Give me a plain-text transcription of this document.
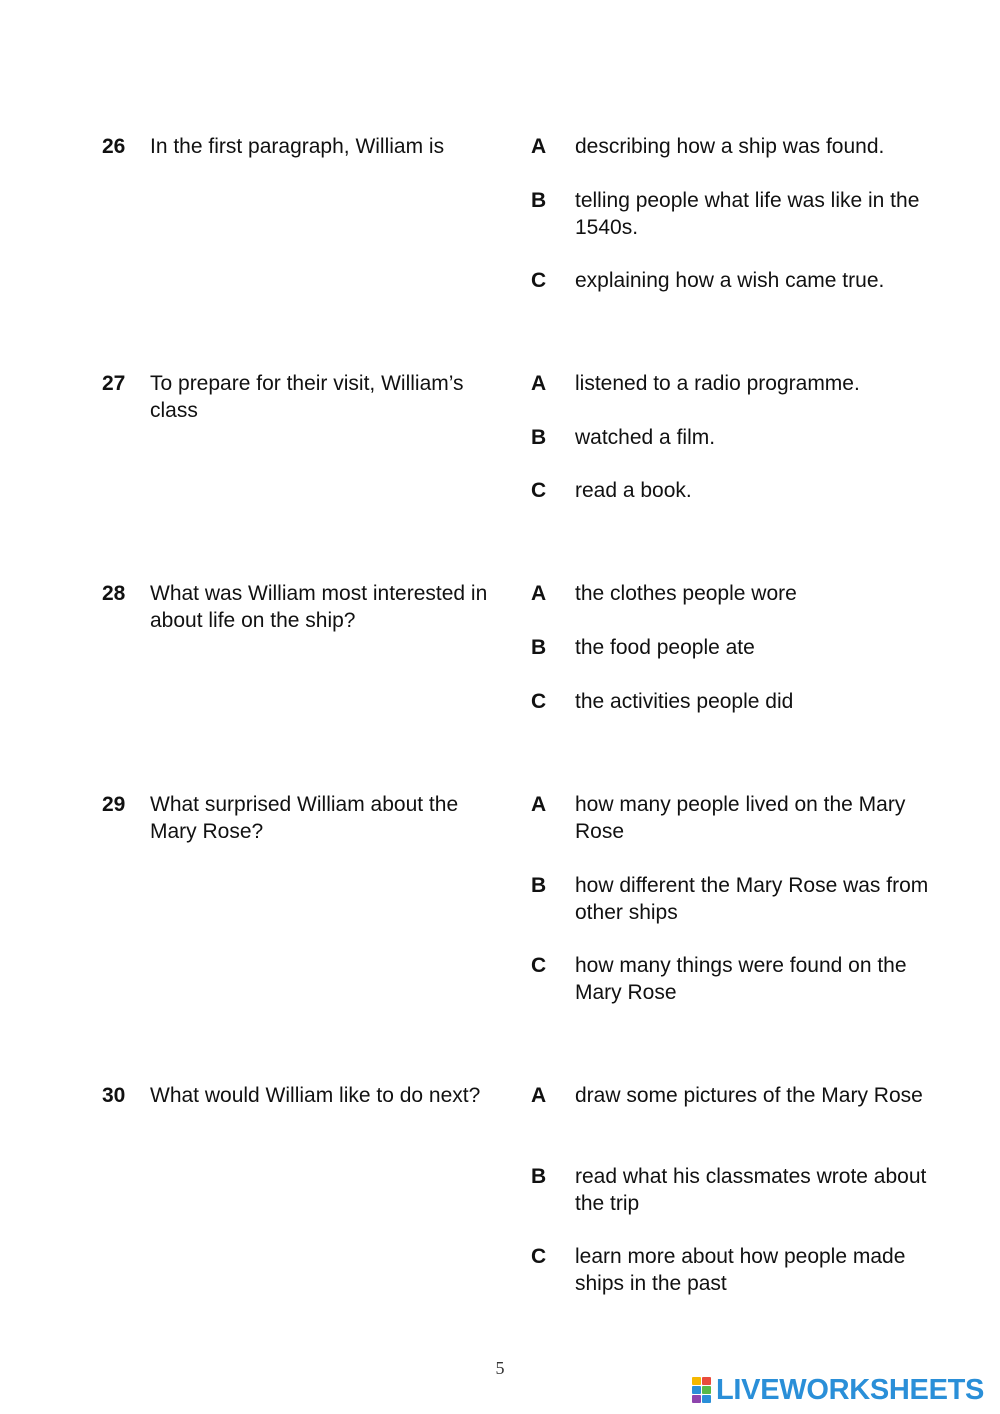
26 In the first paragraph, William is	A describing how a ship was found.
B telling people what life was like in the 1540s.
C explaining how a wish came true.
27 To prepare for their visit, William’s class
A listened to a radio programme.
B watched a film.
C read a book.
28 What was William most interested in about life on the ship?
A the clothes people wore
B the food people ate
C the activities people did
29 What surprised William about the Mary Rose?
A how many people lived on the Mary Rose
B how different the Mary Rose was from other ships
C how many things were found on the Mary Rose
30 What would William like to do next?	A draw some pictures of the Mary Rose
B read what his classmates wrote about the trip
C learn more about how people made ships in the past
5
LIVEWORKSHEETS
